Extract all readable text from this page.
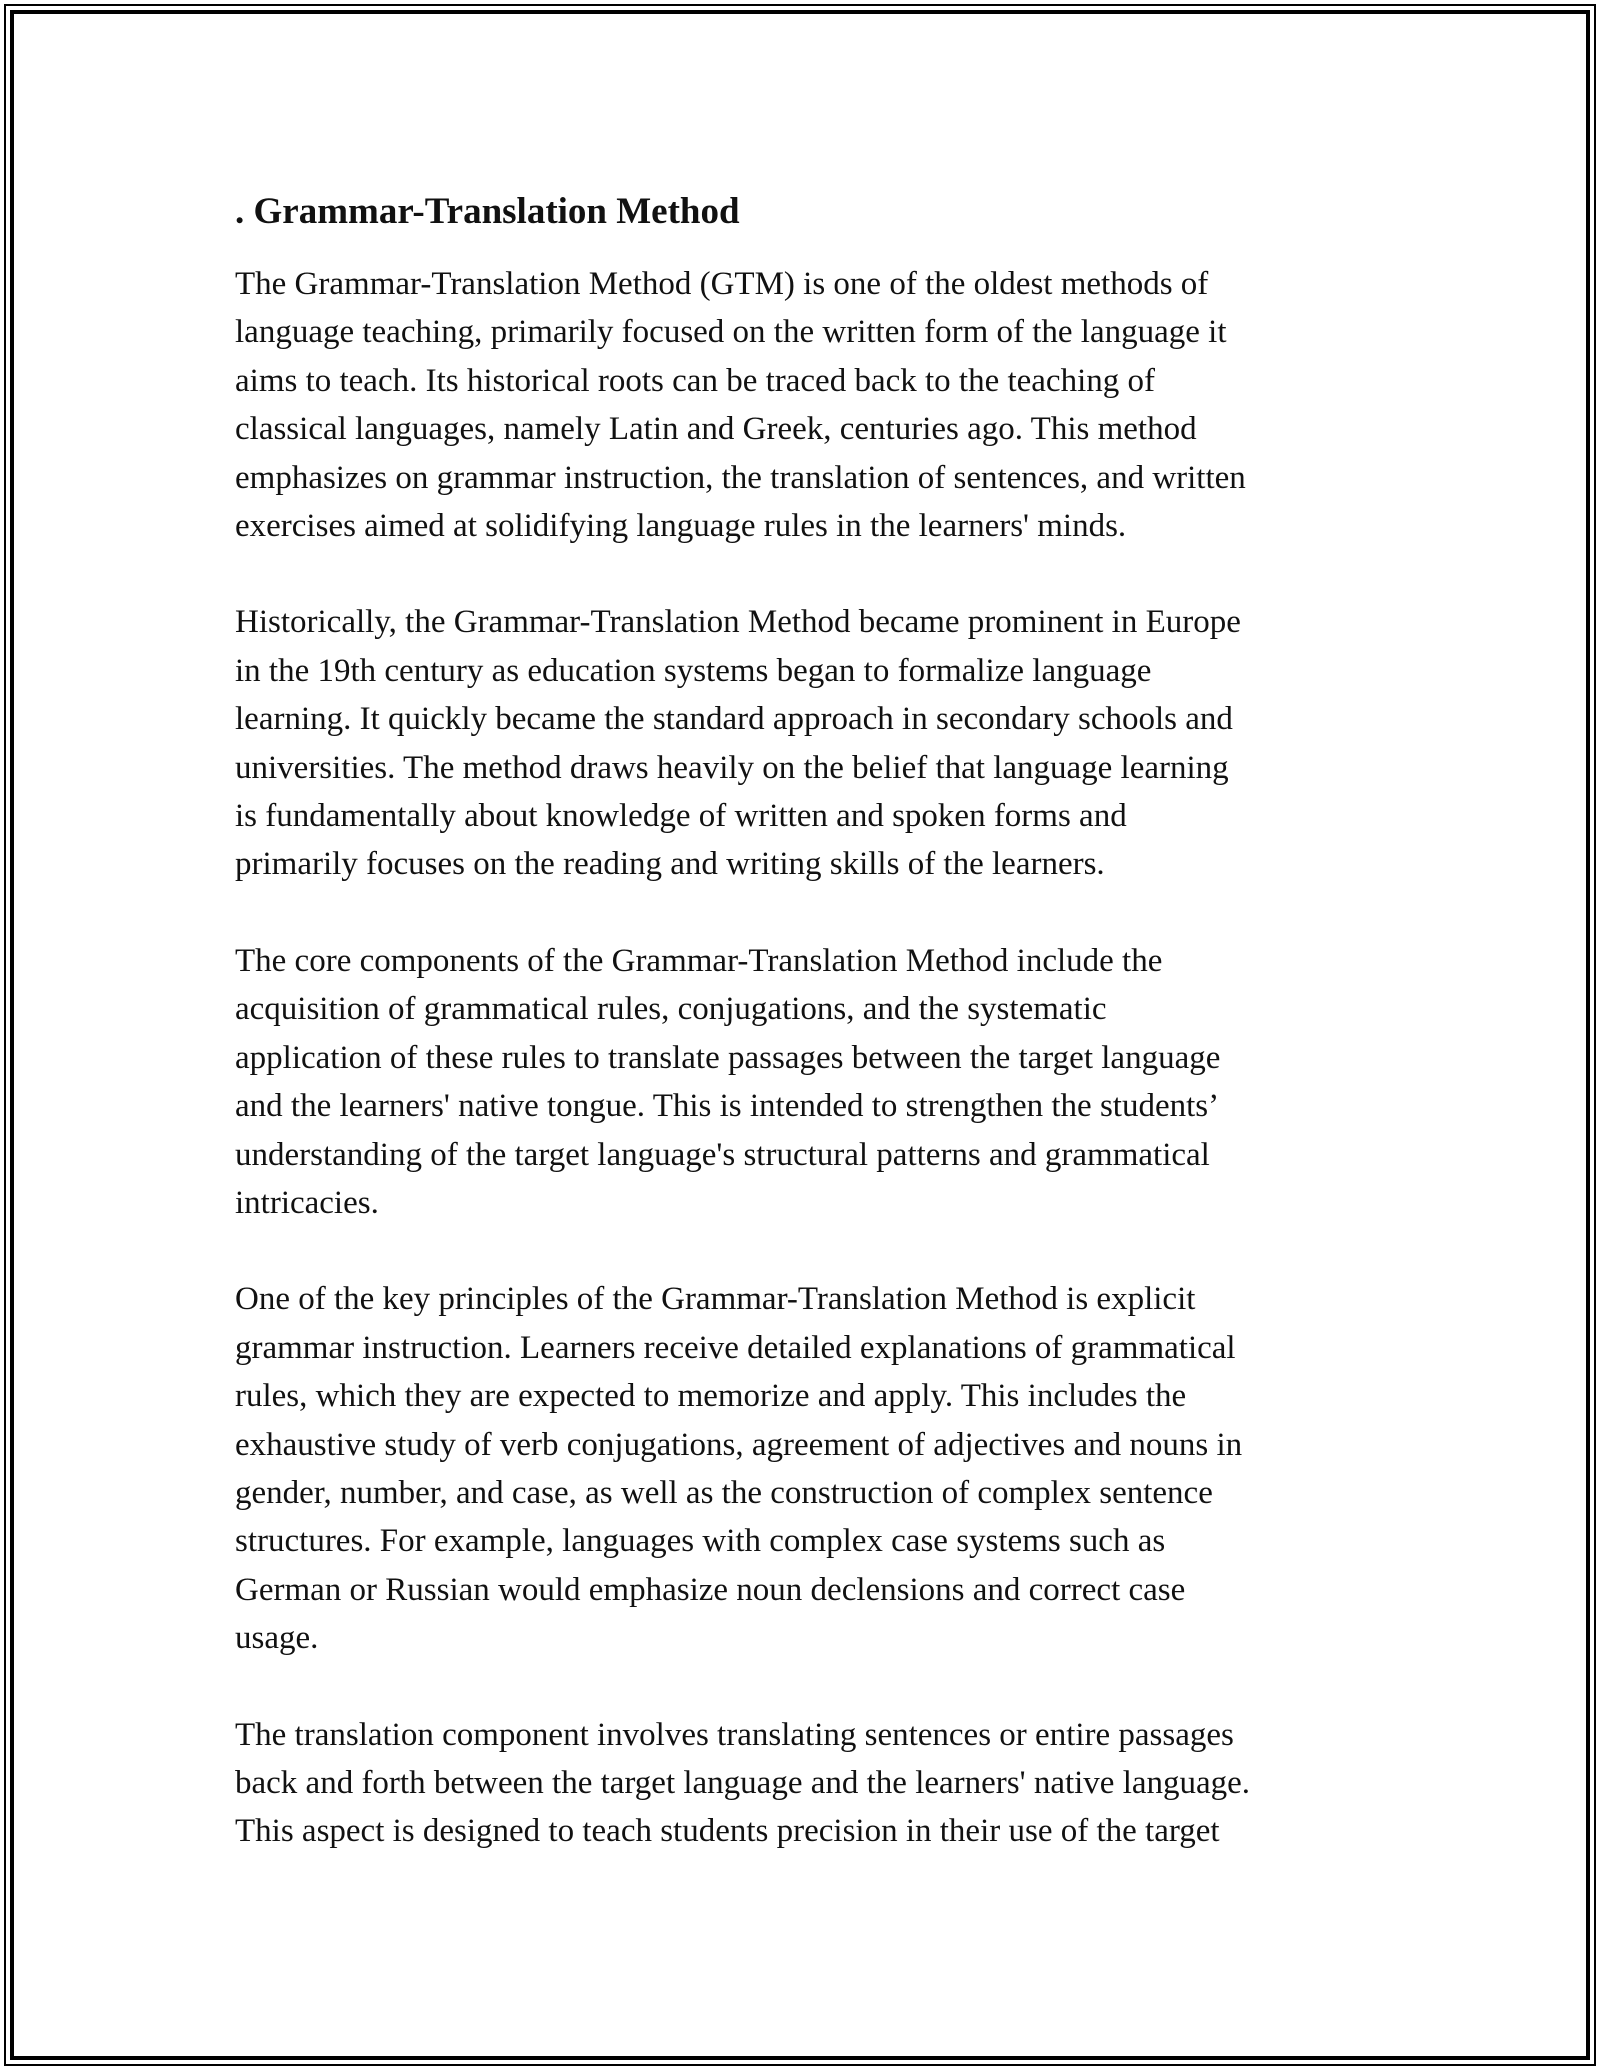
. Grammar-Translation Method

The Grammar-Translation Method (GTM) is one of the oldest methods of
language teaching, primarily focused on the written form of the language it
aims to teach. Its historical roots can be traced back to the teaching of
classical languages, namely Latin and Greek, centuries ago. This method
emphasizes on grammar instruction, the translation of sentences, and written
exercises aimed at solidifying language rules in the learners' minds.

Historically, the Grammar-Translation Method became prominent in Europe
in the 19th century as education systems began to formalize language
learning. It quickly became the standard approach in secondary schools and
universities. The method draws heavily on the belief that language learning
is fundamentally about knowledge of written and spoken forms and
primarily focuses on the reading and writing skills of the learners.

The core components of the Grammar-Translation Method include the
acquisition of grammatical rules, conjugations, and the systematic
application of these rules to translate passages between the target language
and the learners' native tongue. This is intended to strengthen the students’
understanding of the target language's structural patterns and grammatical
intricacies.

One of the key principles of the Grammar-Translation Method is explicit
grammar instruction. Learners receive detailed explanations of grammatical
rules, which they are expected to memorize and apply. This includes the
exhaustive study of verb conjugations, agreement of adjectives and nouns in
gender, number, and case, as well as the construction of complex sentence
structures. For example, languages with complex case systems such as
German or Russian would emphasize noun declensions and correct case
usage.

The translation component involves translating sentences or entire passages
back and forth between the target language and the learners' native language.
This aspect is designed to teach students precision in their use of the target
